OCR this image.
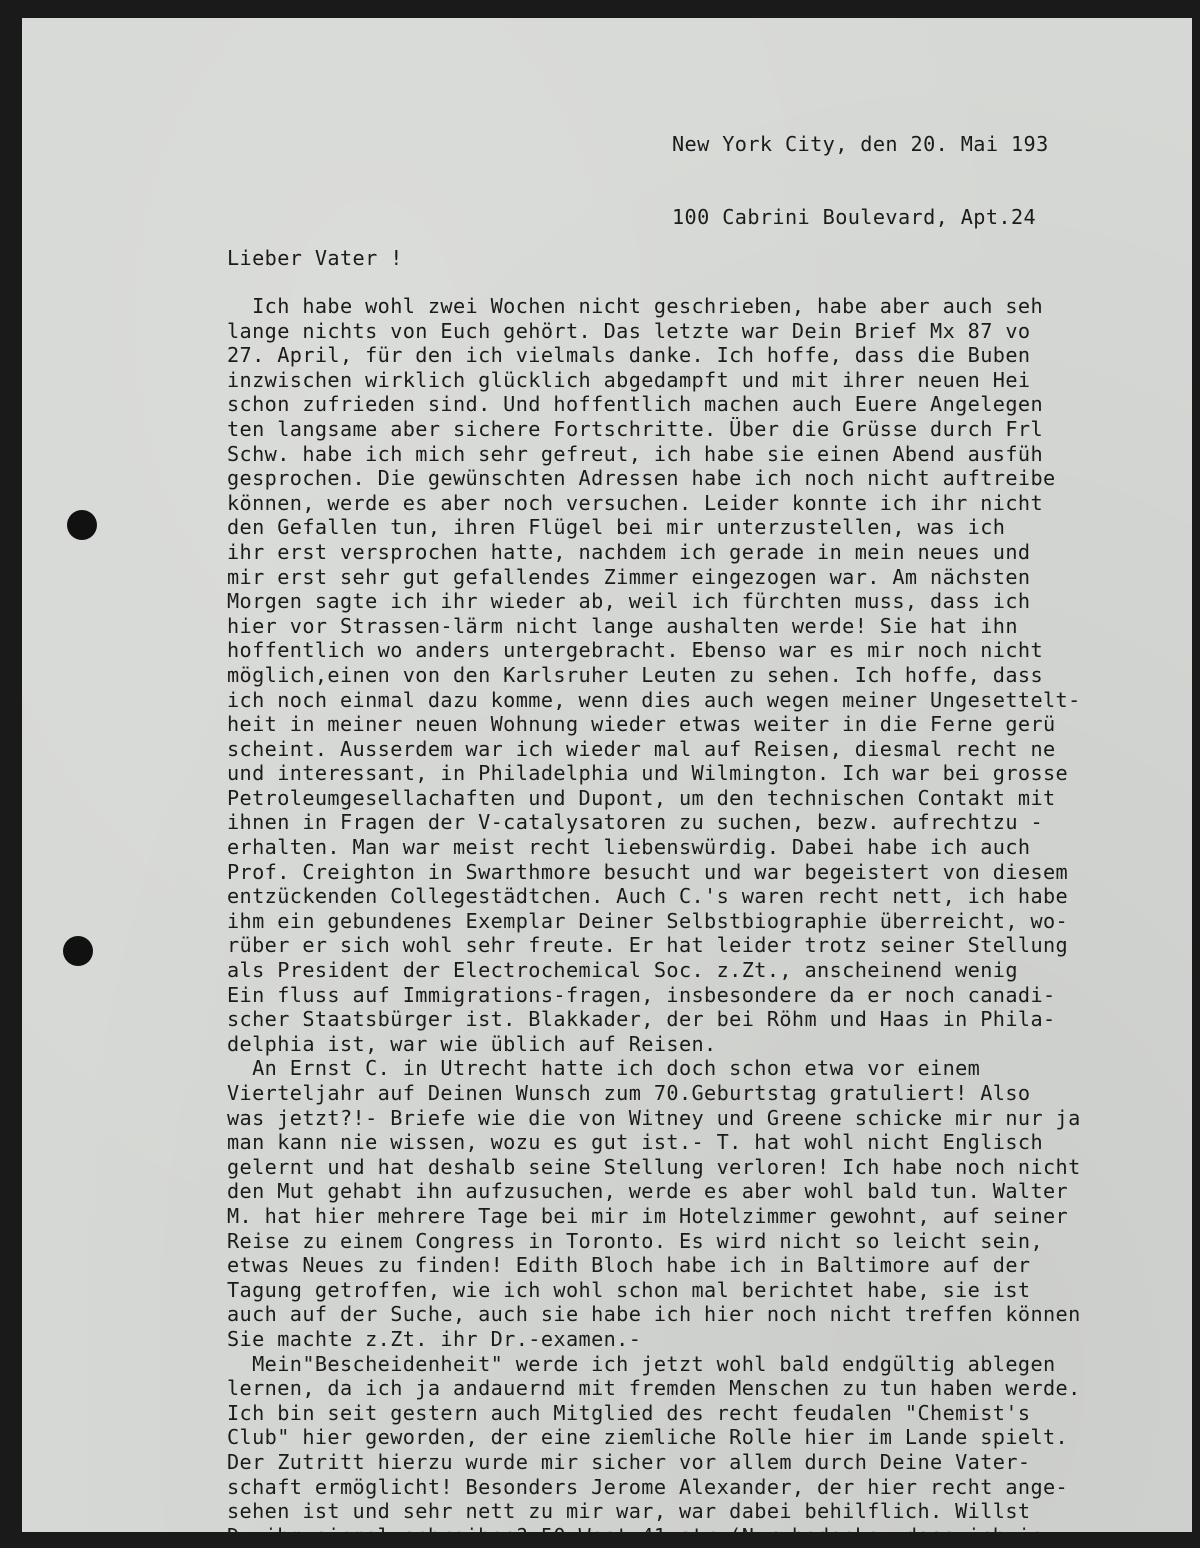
New York City, den 20. Mai 193

100 Cabrini Boulevard, Apt.24

Lieber Vater !
Ich habe wohl zwei Wochen nicht geschrieben, habe aber auch seh
lange nichts von Euch gehört. Das letzte war Dein Brief Mx 87 vo
27. April, für den ich vielmals danke. Ich hoffe, dass die Buben
inzwischen wirklich glücklich abgedampft und mit ihrer neuen Hei
schon zufrieden sind. Und hoffentlich machen auch Euere Angelegen
ten langsame aber sichere Fortschritte. Über die Grüsse durch Frl
Schw. habe ich mich sehr gefreut, ich habe sie einen Abend ausfüh
gesprochen. Die gewünschten Adressen habe ich noch nicht auftreibe
können, werde es aber noch versuchen. Leider konnte ich ihr nicht
den Gefallen tun, ihren Flügel bei mir unterzustellen, was ich
ihr erst versprochen hatte, nachdem ich gerade in mein neues und
mir erst sehr gut gefallendes Zimmer eingezogen war. Am nächsten
Morgen sagte ich ihr wieder ab, weil ich fürchten muss, dass ich
hier vor Strassen-lärm nicht lange aushalten werde! Sie hat ihn
hoffentlich wo anders untergebracht. Ebenso war es mir noch nicht
möglich,einen von den Karlsruher Leuten zu sehen. Ich hoffe, dass
ich noch einmal dazu komme, wenn dies auch wegen meiner Ungesettelt-
heit in meiner neuen Wohnung wieder etwas weiter in die Ferne gerü
scheint. Ausserdem war ich wieder mal auf Reisen, diesmal recht ne
und interessant, in Philadelphia und Wilmington. Ich war bei grosse
Petroleumgesellachaften und Dupont, um den technischen Contakt mit
ihnen in Fragen der V-catalysatoren zu suchen, bezw. aufrechtzu -
erhalten. Man war meist recht liebenswürdig. Dabei habe ich auch
Prof. Creighton in Swarthmore besucht und war begeistert von diesem
entzückenden Collegestädtchen. Auch C.'s waren recht nett, ich habe
ihm ein gebundenes Exemplar Deiner Selbstbiographie überreicht, wo-
rüber er sich wohl sehr freute. Er hat leider trotz seiner Stellung
als President der Electrochemical Soc. z.Zt., anscheinend wenig
Ein fluss auf Immigrations-fragen, insbesondere da er noch canadi-
scher Staatsbürger ist. Blakkader, der bei Röhm und Haas in Phila-
delphia ist, war wie üblich auf Reisen.
An Ernst C. in Utrecht hatte ich doch schon etwa vor einem
Vierteljahr auf Deinen Wunsch zum 70.Geburtstag gratuliert! Also
was jetzt?!- Briefe wie die von Witney und Greene schicke mir nur ja
man kann nie wissen, wozu es gut ist.- T. hat wohl nicht Englisch
gelernt und hat deshalb seine Stellung verloren! Ich habe noch nicht
den Mut gehabt ihn aufzusuchen, werde es aber wohl bald tun. Walter
M. hat hier mehrere Tage bei mir im Hotelzimmer gewohnt, auf seiner
Reise zu einem Congress in Toronto. Es wird nicht so leicht sein,
etwas Neues zu finden! Edith Bloch habe ich in Baltimore auf der
Tagung getroffen, wie ich wohl schon mal berichtet habe, sie ist
auch auf der Suche, auch sie habe ich hier noch nicht treffen können
Sie machte z.Zt. ihr Dr.-examen.-
Mein"Bescheidenheit" werde ich jetzt wohl bald endgültig ablegen
lernen, da ich ja andauernd mit fremden Menschen zu tun haben werde.
Ich bin seit gestern auch Mitglied des recht feudalen "Chemist's
Club" hier geworden, der eine ziemliche Rolle hier im Lande spielt.
Der Zutritt hierzu wurde mir sicher vor allem durch Deine Vater-
schaft ermöglicht! Besonders Jerome Alexander, der hier recht ange-
sehen ist und sehr nett zu mir war, war dabei behilflich. Willst
Du ihm einmal schreiben? 50 West 41 str.(Nur bedenke, dass ich in-
